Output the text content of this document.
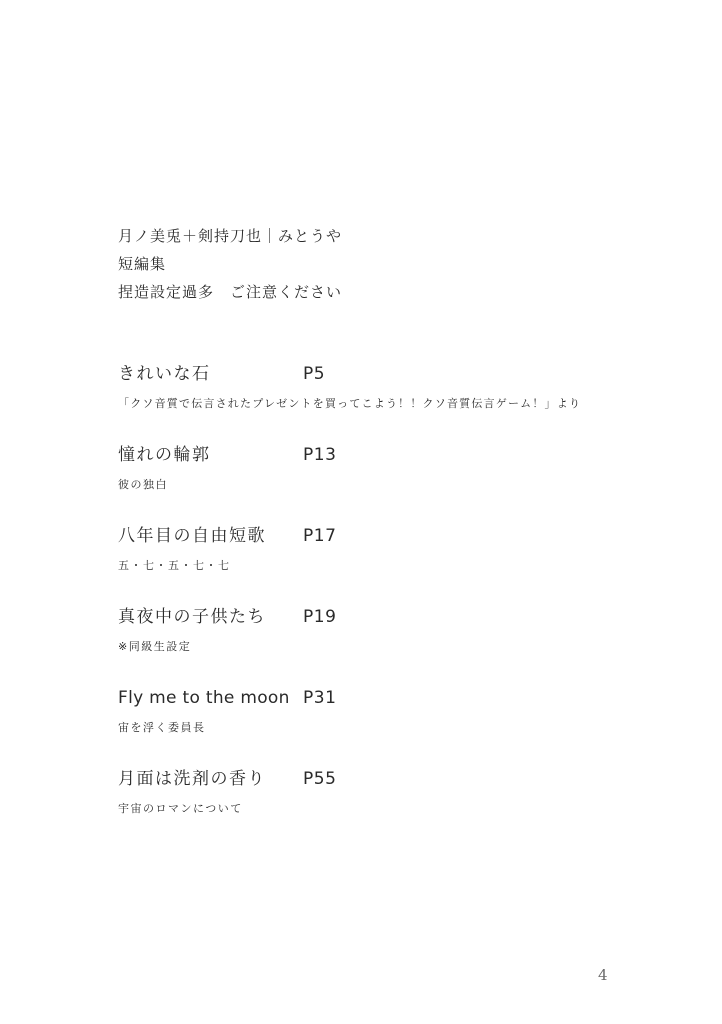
月ノ美兎＋剣持刀也｜みとうや
短編集
捏造設定過多　ご注意ください
きれいな石	P5
「クソ音質で伝言されたプレゼントを買ってこよう！！クソ音質伝言ゲーム！」より
憧れの輪郭	P13
彼の独白
八年目の自由短歌 P17
五・七・五・七・七
真夜中の子供たち P19
※同級生設定
Fly me to the moon P31
宙を浮く委員長
月面は洗剤の香り P55
宇宙のロマンについて
4
